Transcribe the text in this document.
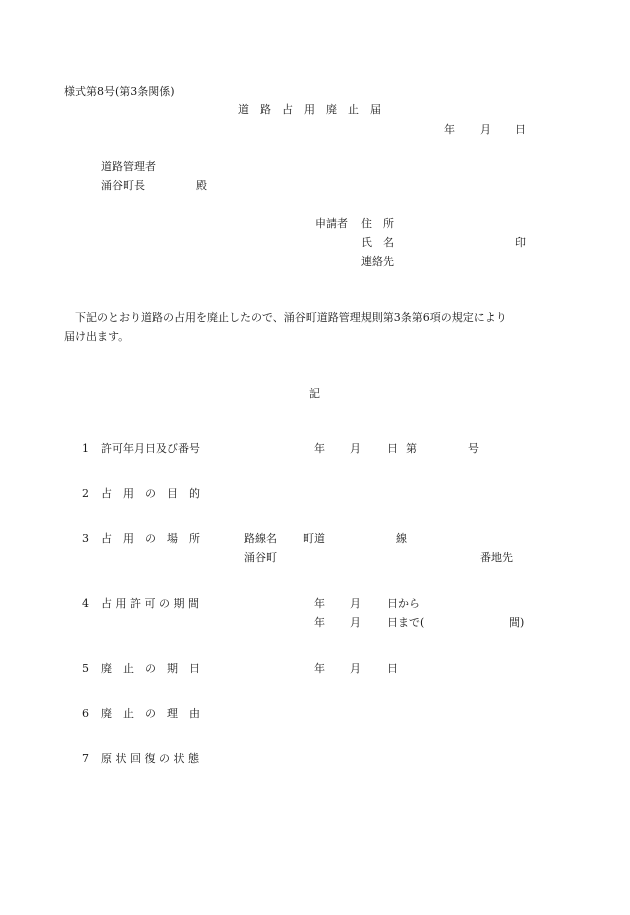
様式第8号(第3条関係)
道　路　占　用　廃　止　届
年 月 日
道路管理者
涌谷町長	殿
申請者 住　所
氏　名	印
連絡先
　下記のとおり道路の占用を廃止したので、涌谷町道路管理規則第3条第6項の規定により
届け出ます。
記
1 許可年月日及び番号	年 月 日 第	号
2 占　用　の　目　的
3 占　用　の　場　所	路線名 町道	線
涌谷町	番地先
4 占 用 許 可 の 期 間	年 月 日から
年 月 日まで(	間)
5 廃　止　の　期　日	年 月 日
6 廃　止　の　理　由
7 原 状 回 復 の 状 態
